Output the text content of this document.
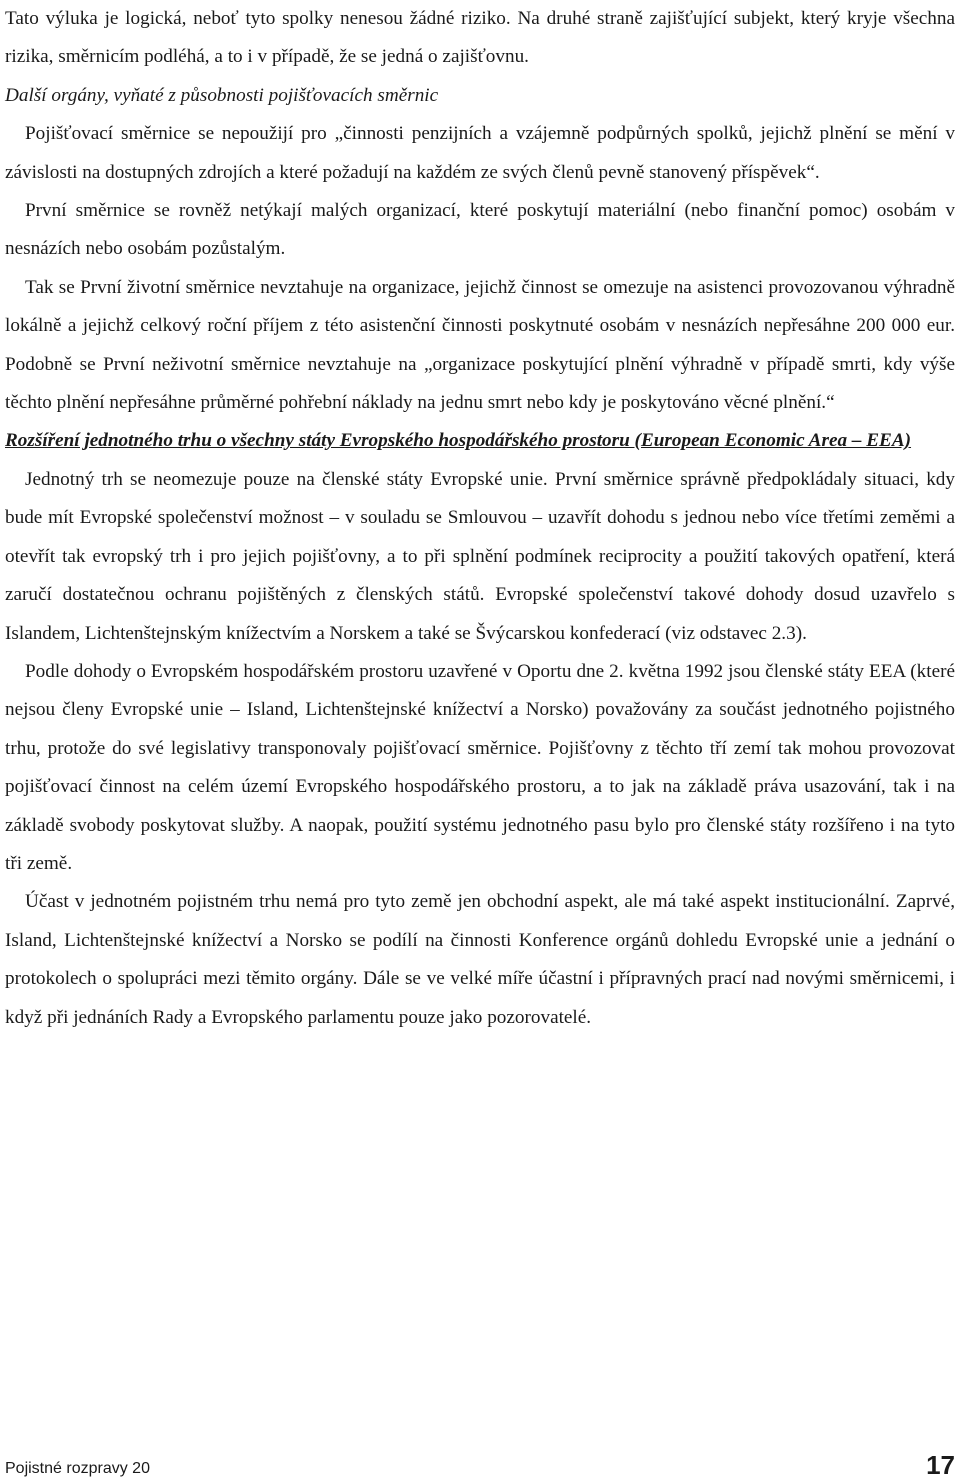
Tato výluka je logická, neboť tyto spolky nenesou žádné riziko. Na druhé straně zajišťující subjekt, který kryje všechna rizika, směrnicím podléhá, a to i v případě, že se jedná o zajišťovnu.

Další orgány, vyňaté z působnosti pojišťovacích směrnic

Pojišťovací směrnice se nepoužijí pro „činnosti penzijních a vzájemně podpůrných spolků, jejichž plnění se mění v závislosti na dostupných zdrojích a které požadují na každém ze svých členů pevně stanovený příspěvek“.

První směrnice se rovněž netýkají malých organizací, které poskytují materiální (nebo finanční pomoc) osobám v nesnázích nebo osobám pozůstalým.

Tak se První životní směrnice nevztahuje na organizace, jejichž činnost se omezuje na asistenci provozovanou výhradně lokálně a jejichž celkový roční příjem z této asistenční činnosti poskytnuté osobám v nesnázích nepřesáhne 200 000 eur. Podobně se První neživotní směrnice nevztahuje na „organizace poskytující plnění výhradně v případě smrti, kdy výše těchto plnění nepřesáhne průměrné pohřební náklady na jednu smrt nebo kdy je poskytováno věcné plnění.“

Rozšíření jednotného trhu o všechny státy Evropského hospodářského prostoru (European Economic Area – EEA)

Jednotný trh se neomezuje pouze na členské státy Evropské unie. První směrnice správně předpokládaly situaci, kdy bude mít Evropské společenství možnost – v souladu se Smlouvou – uzavřít dohodu s jednou nebo více třetími zeměmi a otevřít tak evropský trh i pro jejich pojišťovny, a to při splnění podmínek reciprocity a použití takových opatření, která zaručí dostatečnou ochranu pojištěných z členských států. Evropské společenství takové dohody dosud uzavřelo s Islandem, Lichtenštejnským knížectvím a Norskem a také se Švýcarskou konfederací (viz odstavec 2.3).

Podle dohody o Evropském hospodářském prostoru uzavřené v Oportu dne 2. května 1992 jsou členské státy EEA (které nejsou členy Evropské unie – Island, Lichtenštejnské knížectví a Norsko) považovány za součást jednotného pojistného trhu, protože do své legislativy transponovaly pojišťovací směrnice. Pojišťovny z těchto tří zemí tak mohou provozovat pojišťovací činnost na celém území Evropského hospodářského prostoru, a to jak na základě práva usazování, tak i na základě svobody poskytovat služby. A naopak, použití systému jednotného pasu bylo pro členské státy rozšířeno i na tyto tři země.

Účast v jednotném pojistném trhu nemá pro tyto země jen obchodní aspekt, ale má také aspekt institucionální. Zaprvé, Island, Lichtenštejnské knížectví a Norsko se podílí na činnosti Konference orgánů dohledu Evropské unie a jednání o protokolech o spolupráci mezi těmito orgány. Dále se ve velké míře účastní i přípravných prací nad novými směrnicemi, i když při jednáních Rady a Evropského parlamentu pouze jako pozorovatelé.

Pojistné rozpravy 20	17
